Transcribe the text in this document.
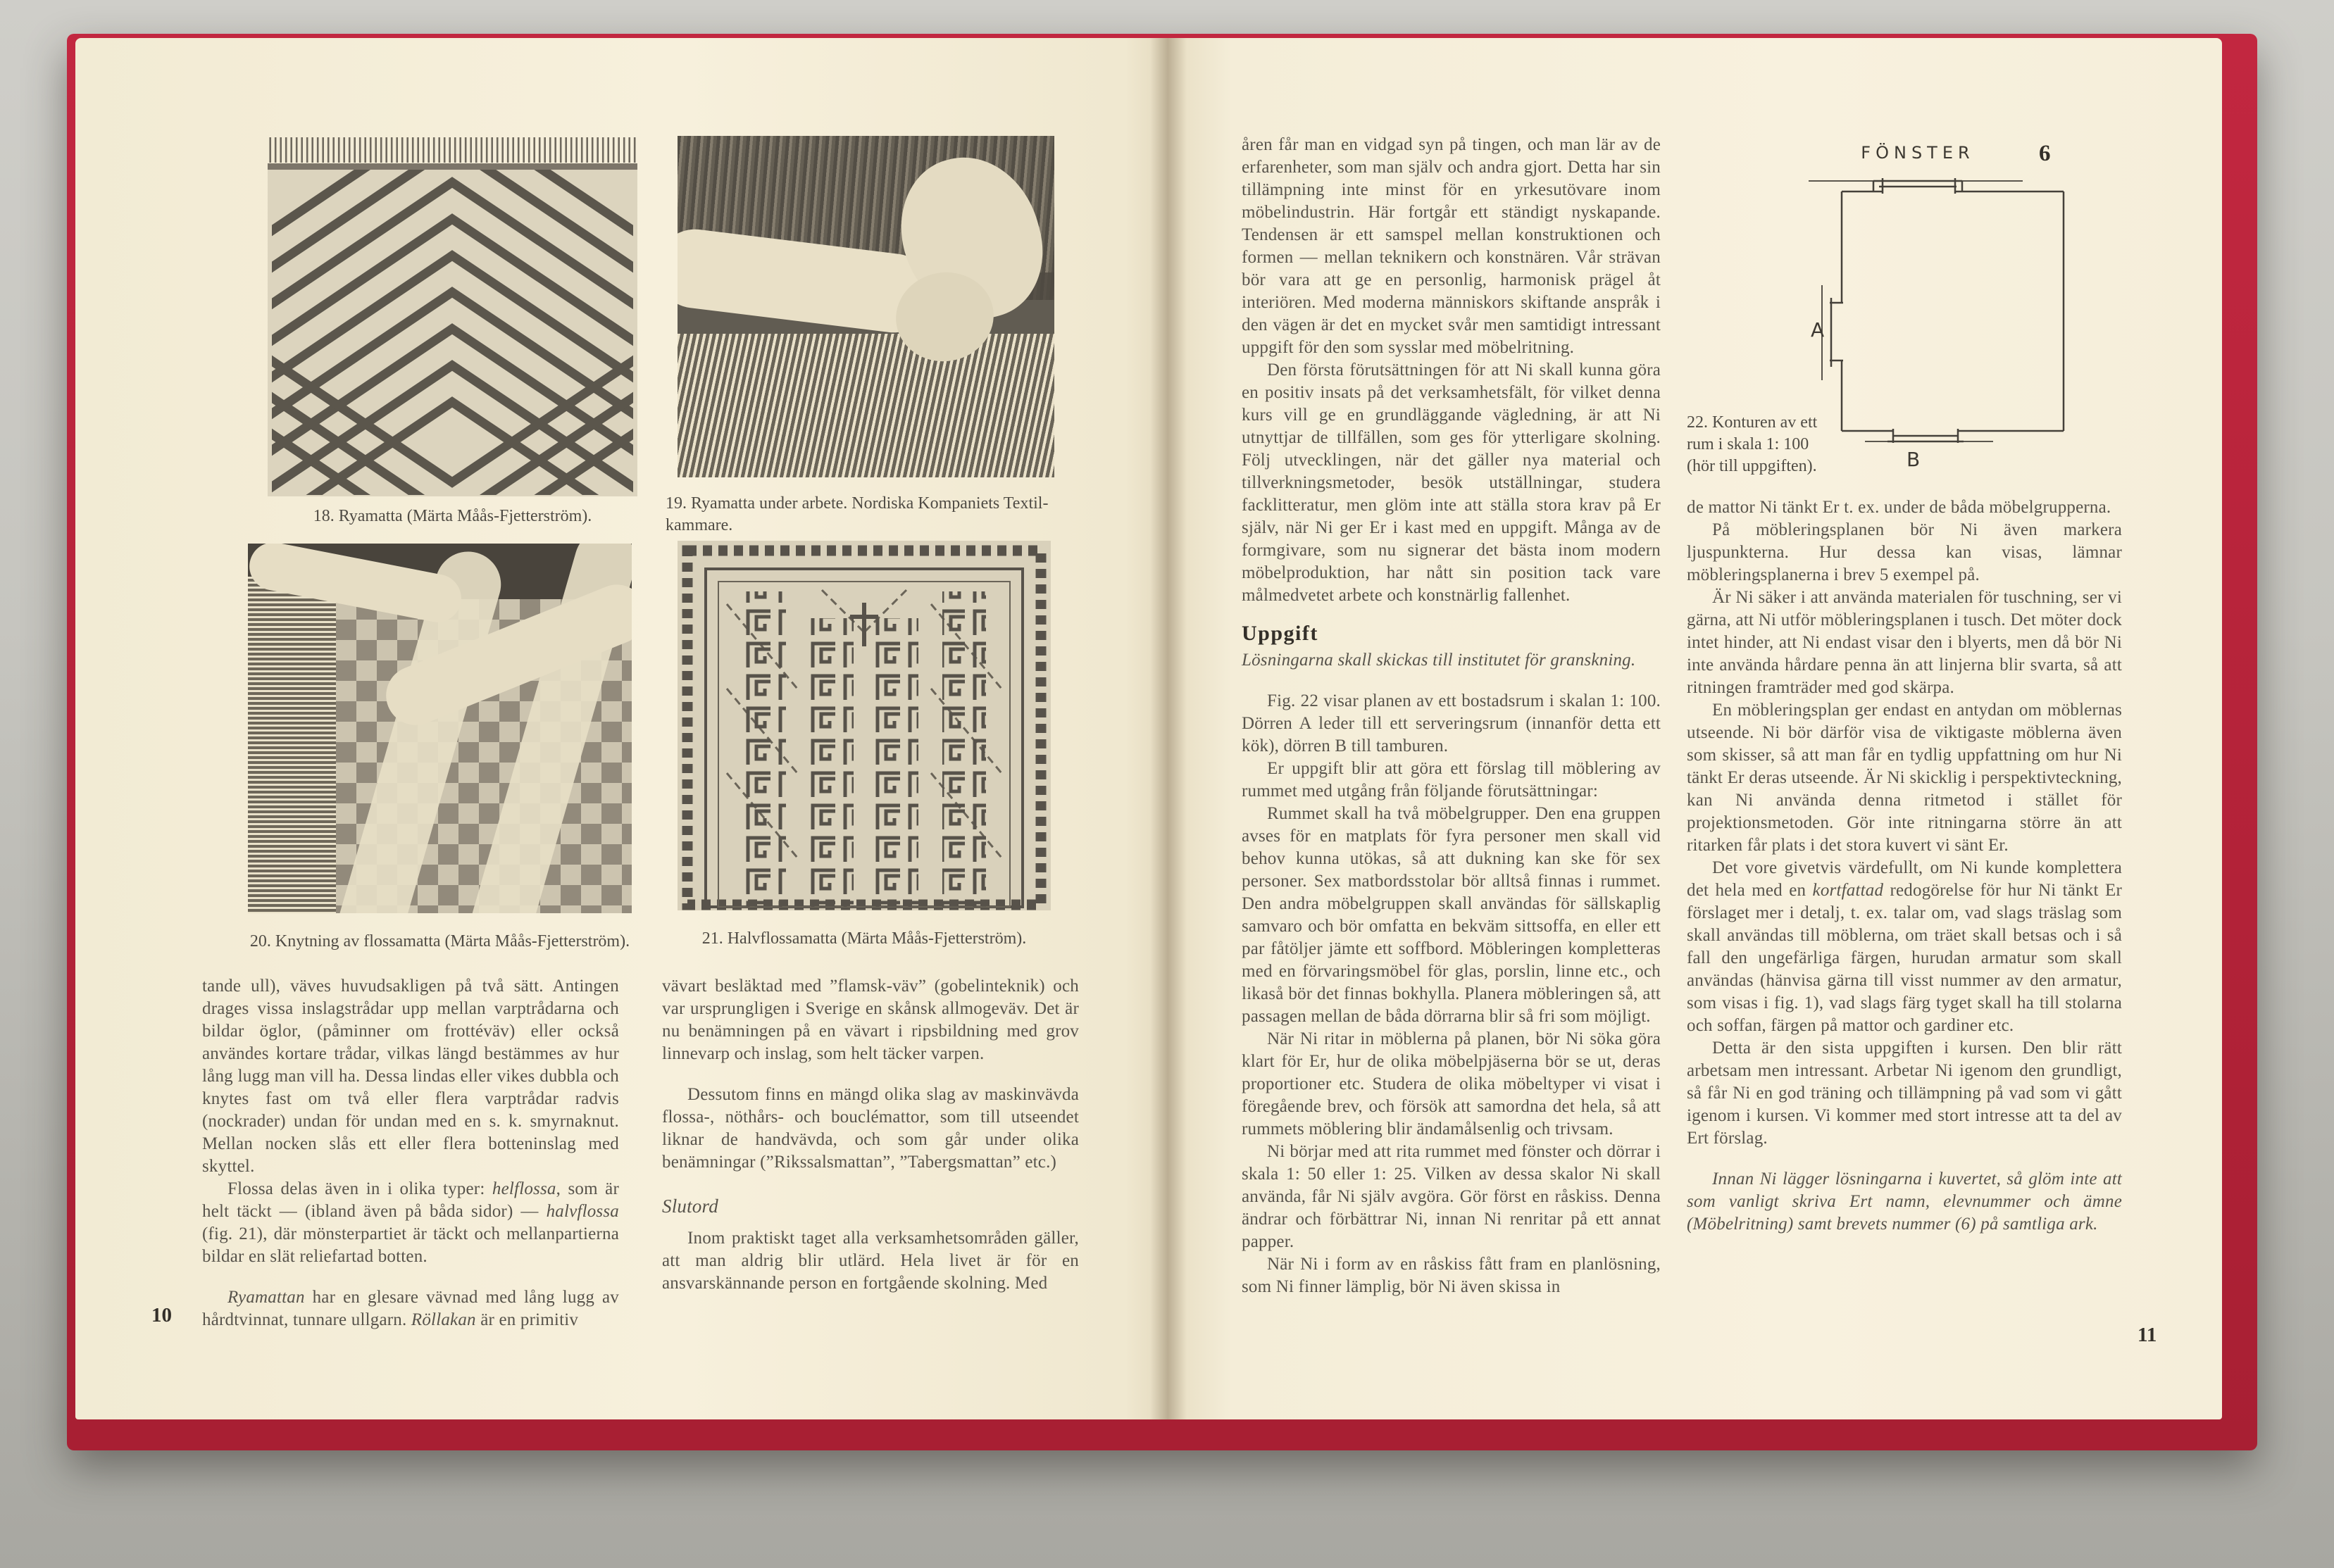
18. Ryamatta (Märta Måås-Fjetterström).
19. Ryamatta under arbete. Nordiska Kompaniets Textilkammare.
20. Knytning av flossamatta (Märta Måås-Fjetterström).	21. Halvflossamatta (Märta Måås-Fjetterström).

tande ull), väves huvudsakligen på två sätt. Antingen drages vissa inslagstrådar upp mellan varptrådarna och bildar öglor, (påminner om frottéväv) eller också användes kortare trådar, vilkas längd bestämmes av hur lång lugg man vill ha. Dessa lindas eller vikes dubbla och knytes fast om två eller flera varptrådar radvis (nockrader) undan för undan med en s. k. smyrnaknut. Mellan nocken slås ett eller flera botteninslag med skyttel.

Flossa delas även in i olika typer: helflossa, som är helt täckt — (ibland även på båda sidor) — halvflossa (fig. 21), där mönsterpartiet är täckt och mellanpartierna bildar en slät reliefartad botten.

Ryamattan har en glesare vävnad med lång lugg av hårdtvinnat, tunnare ullgarn. Röllakan är en primitiv

vävart besläktad med ”flamsk-väv” (gobelinteknik) och var ursprungligen i Sverige en skånsk allmogeväv. Det är nu benämningen på en vävart i ripsbildning med grov linnevarp och inslag, som helt täcker varpen.

Dessutom finns en mängd olika slag av maskinvävda flossa-, nöthårs- och bouclémattor, som till utseendet liknar de handvävda, och som går under olika benämningar (”Rikssalsmattan”, ”Tabergsmattan” etc.)

Slutord

Inom praktiskt taget alla verksamhetsområden gäller, att man aldrig blir utlärd. Hela livet är för en ansvarskännande person en fortgående skolning. Med

10
6

åren får man en vidgad syn på tingen, och man lär av de erfarenheter, som man själv och andra gjort. Detta har sin tillämpning inte minst för en yrkesutövare inom möbelindustrin. Här fortgår ett ständigt nyskapande. Tendensen är ett samspel mellan konstruktionen och formen — mellan teknikern och konstnären. Vår strävan bör vara att ge en personlig, harmonisk prägel åt interiören. Med moderna människors skiftande anspråk i den vägen är det en mycket svår men samtidigt intressant uppgift för den som sysslar med möbelritning.

Den första förutsättningen för att Ni skall kunna göra en positiv insats på det verksamhetsfält, för vilket denna kurs vill ge en grundläggande vägledning, är att Ni utnyttjar de tillfällen, som ges för ytterligare skolning. Följ utvecklingen, när det gäller nya material och tillverkningsmetoder, besök utställningar, studera facklitteratur, men glöm inte att ställa stora krav på Er själv, när Ni ger Er i kast med en uppgift. Många av de formgivare, som nu signerar det bästa inom modern möbelproduktion, har nått sin position tack vare målmedvetet arbete och konstnärlig fallenhet.

Uppgift

Lösningarna skall skickas till institutet för granskning.

Fig. 22 visar planen av ett bostadsrum i skalan 1: 100. Dörren A leder till ett serveringsrum (innanför detta ett kök), dörren B till tamburen.

Er uppgift blir att göra ett förslag till möblering av rummet med utgång från följande förutsättningar:

Rummet skall ha två möbelgrupper. Den ena gruppen avses för en matplats för fyra personer men skall vid behov kunna utökas, så att dukning kan ske för sex personer. Sex matbordsstolar bör alltså finnas i rummet. Den andra möbelgruppen skall användas för sällskaplig samvaro och bör omfatta en bekväm sittsoffa, en eller ett par fåtöljer jämte ett soffbord. Möbleringen kompletteras med en förvaringsmöbel för glas, porslin, linne etc., och likaså bör det finnas bokhylla. Planera möbleringen så, att passagen mellan de båda dörrarna blir så fri som möjligt.

När Ni ritar in möblerna på planen, bör Ni söka göra klart för Er, hur de olika möbelpjäserna bör se ut, deras proportioner etc. Studera de olika möbeltyper vi visat i föregående brev, och försök att samordna det hela, så att rummets möblering blir ändamålsenlig och trivsam.

Ni börjar med att rita rummet med fönster och dörrar i skala 1: 50 eller 1: 25. Vilken av dessa skalor Ni skall använda, får Ni själv avgöra. Gör först en råskiss. Denna ändrar och förbättrar Ni, innan Ni renritar på ett annat papper.

När Ni i form av en råskiss fått fram en planlösning, som Ni finner lämplig, bör Ni även skissa in

FÖNSTER
A
B
22. Konturen av ett rum i skala 1: 100 (hör till uppgiften).

de mattor Ni tänkt Er t. ex. under de båda möbelgrupperna.

På möbleringsplanen bör Ni även markera ljuspunkterna. Hur dessa kan visas, lämnar möbleringsplanerna i brev 5 exempel på.

Är Ni säker i att använda materialen för tuschning, ser vi gärna, att Ni utför möbleringsplanen i tusch. Det möter dock intet hinder, att Ni endast visar den i blyerts, men då bör Ni inte använda hårdare penna än att linjerna blir svarta, så att ritningen framträder med god skärpa.

En möbleringsplan ger endast en antydan om möblernas utseende. Ni bör därför visa de viktigaste möblerna även som skisser, så att man får en tydlig uppfattning om hur Ni tänkt Er deras utseende. Är Ni skicklig i perspektivteckning, kan Ni använda denna ritmetod i stället för projektionsmetoden. Gör inte ritningarna större än att ritarken får plats i det stora kuvert vi sänt Er.

Det vore givetvis värdefullt, om Ni kunde komplettera det hela med en kortfattad redogörelse för hur Ni tänkt Er förslaget mer i detalj, t. ex. talar om, vad slags träslag som skall användas till möblerna, om träet skall betsas och i så fall den ungefärliga färgen, hurudan armatur som skall användas (hänvisa gärna till visst nummer av den armatur, som visas i fig. 1), vad slags färg tyget skall ha till stolarna och soffan, färgen på mattor och gardiner etc.

Detta är den sista uppgiften i kursen. Den blir rätt arbetsam men intressant. Arbetar Ni igenom den grundligt, så får Ni en god träning och tillämpning på vad som vi gått igenom i kursen. Vi kommer med stort intresse att ta del av Ert förslag.

Innan Ni lägger lösningarna i kuvertet, så glöm inte att som vanligt skriva Ert namn, elevnummer och ämne (Möbelritning) samt brevets nummer (6) på samtliga ark.

11
